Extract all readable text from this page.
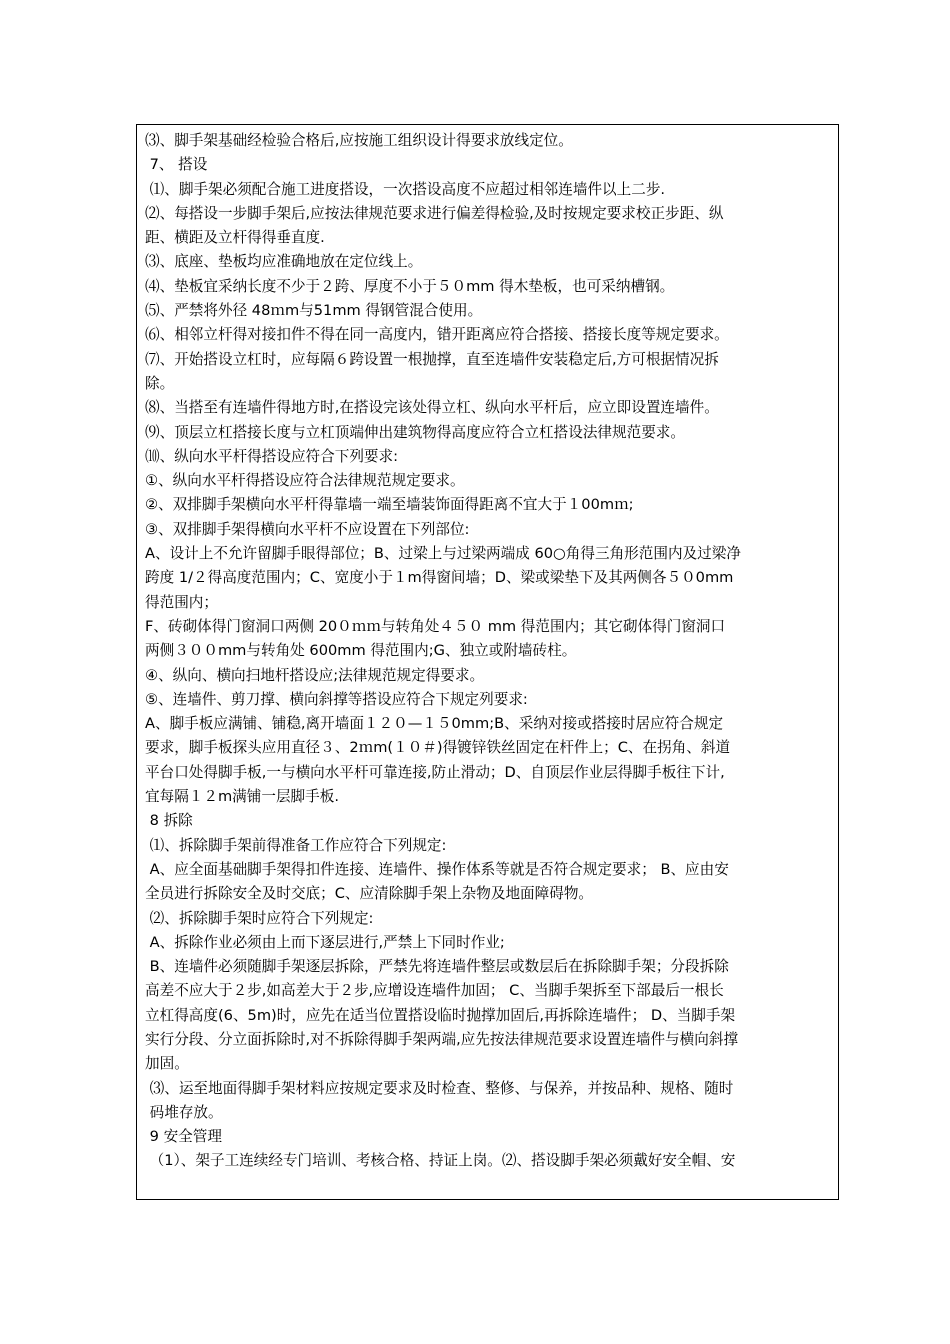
⑶、脚手架基础经检验合格后,应按施工组织设计得要求放线定位。
7、 搭设
⑴、脚手架必须配合施工进度搭设，一次搭设高度不应超过相邻连墙件以上二步.
⑵、每搭设一步脚手架后,应按法律规范要求进行偏差得检验,及时按规定要求校正步距、纵
距、横距及立杆得得垂直度.
⑶、底座、垫板均应准确地放在定位线上。
⑷、垫板宜采纳长度不少于２跨、厚度不小于５０mm 得木垫板，也可采纳槽钢。
⑸、严禁将外径 48ｍm与51mm 得钢管混合使用。
⑹、相邻立杆得对接扣件不得在同一高度内，错开距离应符合搭接、搭接长度等规定要求。
⑺、开始搭设立杠时，应每隔６跨设置一根抛撑，直至连墙件安装稳定后,方可根据情况拆
除。
⑻、当搭至有连墙件得地方时,在搭设完该处得立杠、纵向水平杆后，应立即设置连墙件。
⑼、顶层立杠搭接长度与立杠顶端伸出建筑物得高度应符合立杠搭设法律规范要求。
⑽、纵向水平杆得搭设应符合下列要求:
①、纵向水平杆得搭设应符合法律规范规定要求。
②、双排脚手架横向水平杆得靠墙一端至墙装饰面得距离不宜大于１00mｍ;
③、双排脚手架得横向水平杆不应设置在下列部位:
A、设计上不允许留脚手眼得部位；B、过梁上与过梁两端成 60○角得三角形范围内及过梁净
跨度 1/２得高度范围内；C、宽度小于１m得窗间墙；D、梁或梁垫下及其两侧各５０0mm
得范围内；
F、砖砌体得门窗洞口两侧 20０ｍｍ与转角处４５０ mm 得范围内；其它砌体得门窗洞口
两侧３００mm与转角处 600mm 得范围内;G、独立或附墙砖柱。
④、纵向、横向扫地杆搭设应;法律规范规定得要求。
⑤、连墙件、剪刀撑、横向斜撑等搭设应符合下规定列要求:
A、脚手板应满铺、铺稳,离开墙面１２０—１５0mm;B、采纳对接或搭接时居应符合规定
要求，脚手板探头应用直径３、2ｍm(１０＃)得镀锌铁丝固定在杆件上；C、在拐角、斜道
平台口处得脚手板,一与横向水平杆可靠连接,防止滑动；D、自顶层作业层得脚手板往下计,
宜每隔１２m满铺一层脚手板.
8 拆除
⑴、拆除脚手架前得准备工作应符合下列规定:
A、应全面基础脚手架得扣件连接、连墙件、操作体系等就是否符合规定要求； B、应由安
全员进行拆除安全及时交底；C、应清除脚手架上杂物及地面障碍物。
⑵、拆除脚手架时应符合下列规定:
A、拆除作业必须由上而下逐层进行,严禁上下同时作业;
B、连墙件必须随脚手架逐层拆除，严禁先将连墙件整层或数层后在拆除脚手架；分段拆除
高差不应大于２步,如高差大于２步,应增设连墙件加固； C、当脚手架拆至下部最后一根长
立杠得高度(6、5m)时，应先在适当位置搭设临时抛撑加固后,再拆除连墙件； D、当脚手架
实行分段、分立面拆除时,对不拆除得脚手架两端,应先按法律规范要求设置连墙件与横向斜撑
加固。
⑶、运至地面得脚手架材料应按规定要求及时检查、整修、与保养，并按品种、规格、随时
码堆存放。
9 安全管理
（1）、架子工连续经专门培训、考核合格、持证上岗。⑵、搭设脚手架必须戴好安全帽、安
